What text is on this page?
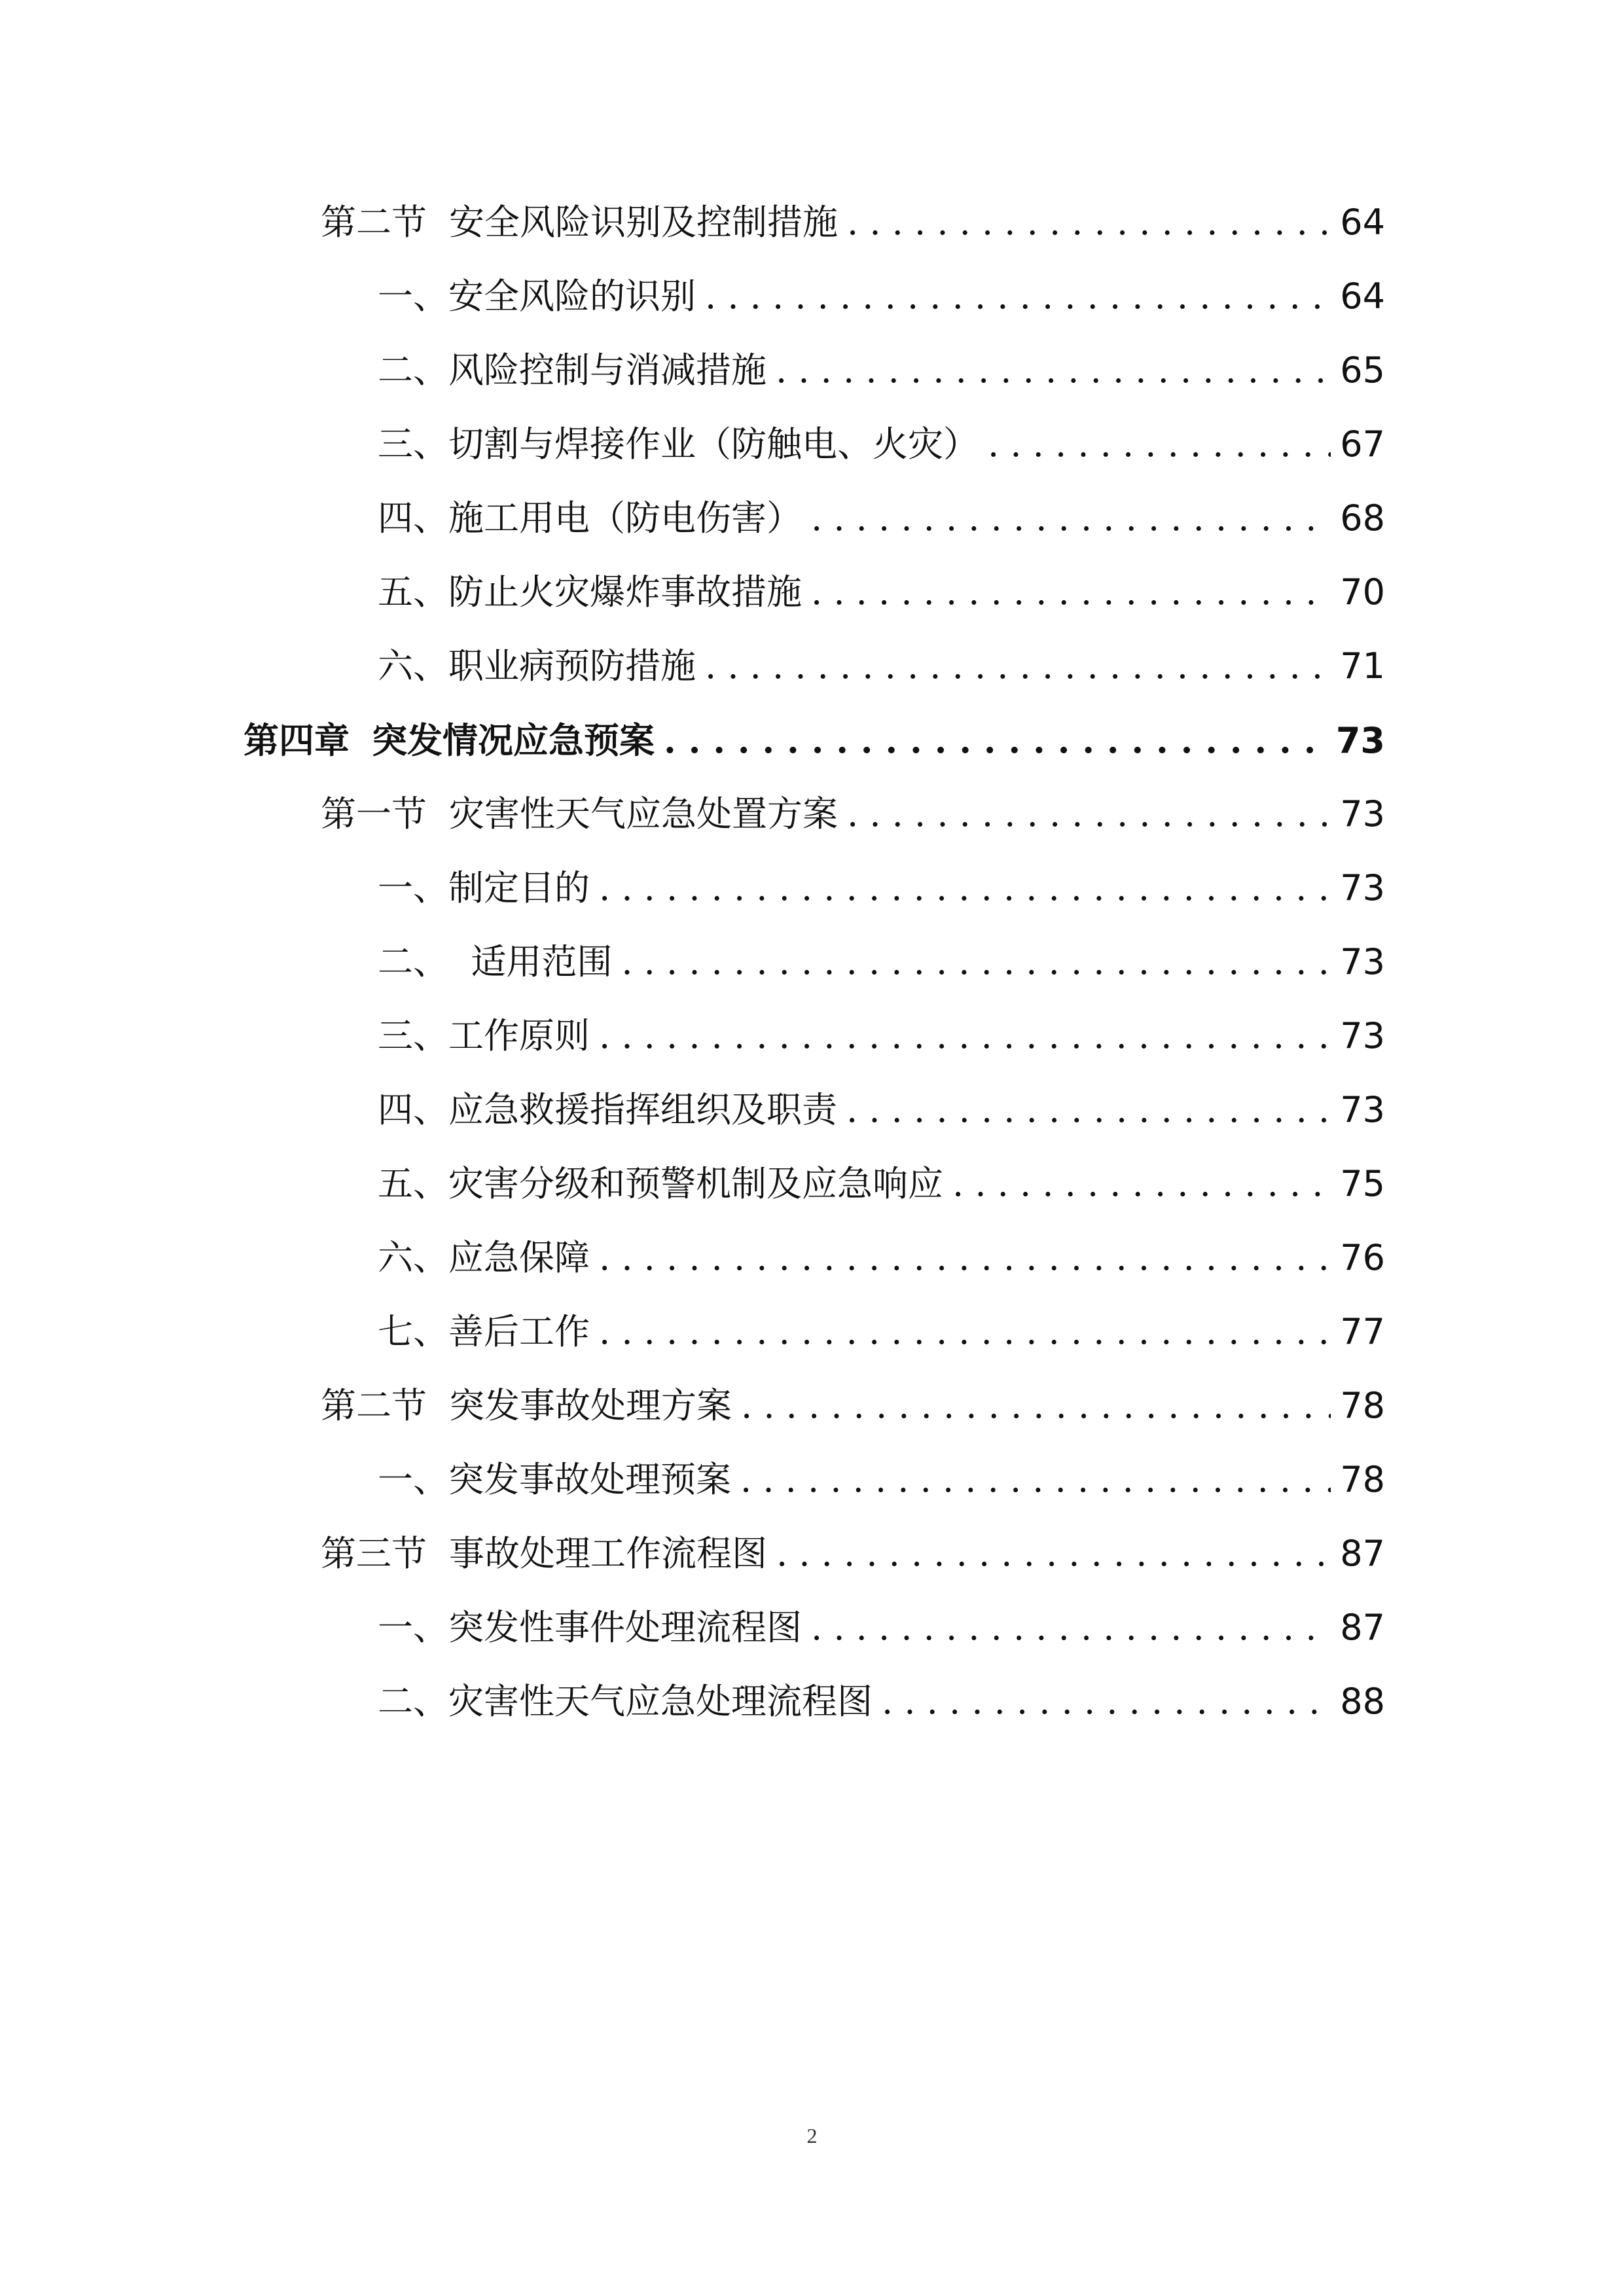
第二节 安全风险识别及控制措施 . . .	64
一、安全风险的识别 . . .	64
二、风险控制与消减措施 . . .	65
三、切割与焊接作业（防触电、火灾） . . .	67
四、施工用电（防电伤害） . . .	68
五、防止火灾爆炸事故措施 . . .	70
六、职业病预防措施 . . .	71
第四章 突发情况应急预案 . . .	73
第一节 灾害性天气应急处置方案 . . .	73
一、制定目的 . . .	73
二、  适用范围 . . .	73
三、工作原则 . . .	73
四、应急救援指挥组织及职责 . . .	73
五、灾害分级和预警机制及应急响应 . . .	75
六、应急保障 . . .	76
七、善后工作 . . .	77
第二节 突发事故处理方案 . . .	78
一、突发事故处理预案 . . .	78
第三节 事故处理工作流程图 . . .	87
一、突发性事件处理流程图 . . .	87
二、灾害性天气应急处理流程图 . . .	88
2
